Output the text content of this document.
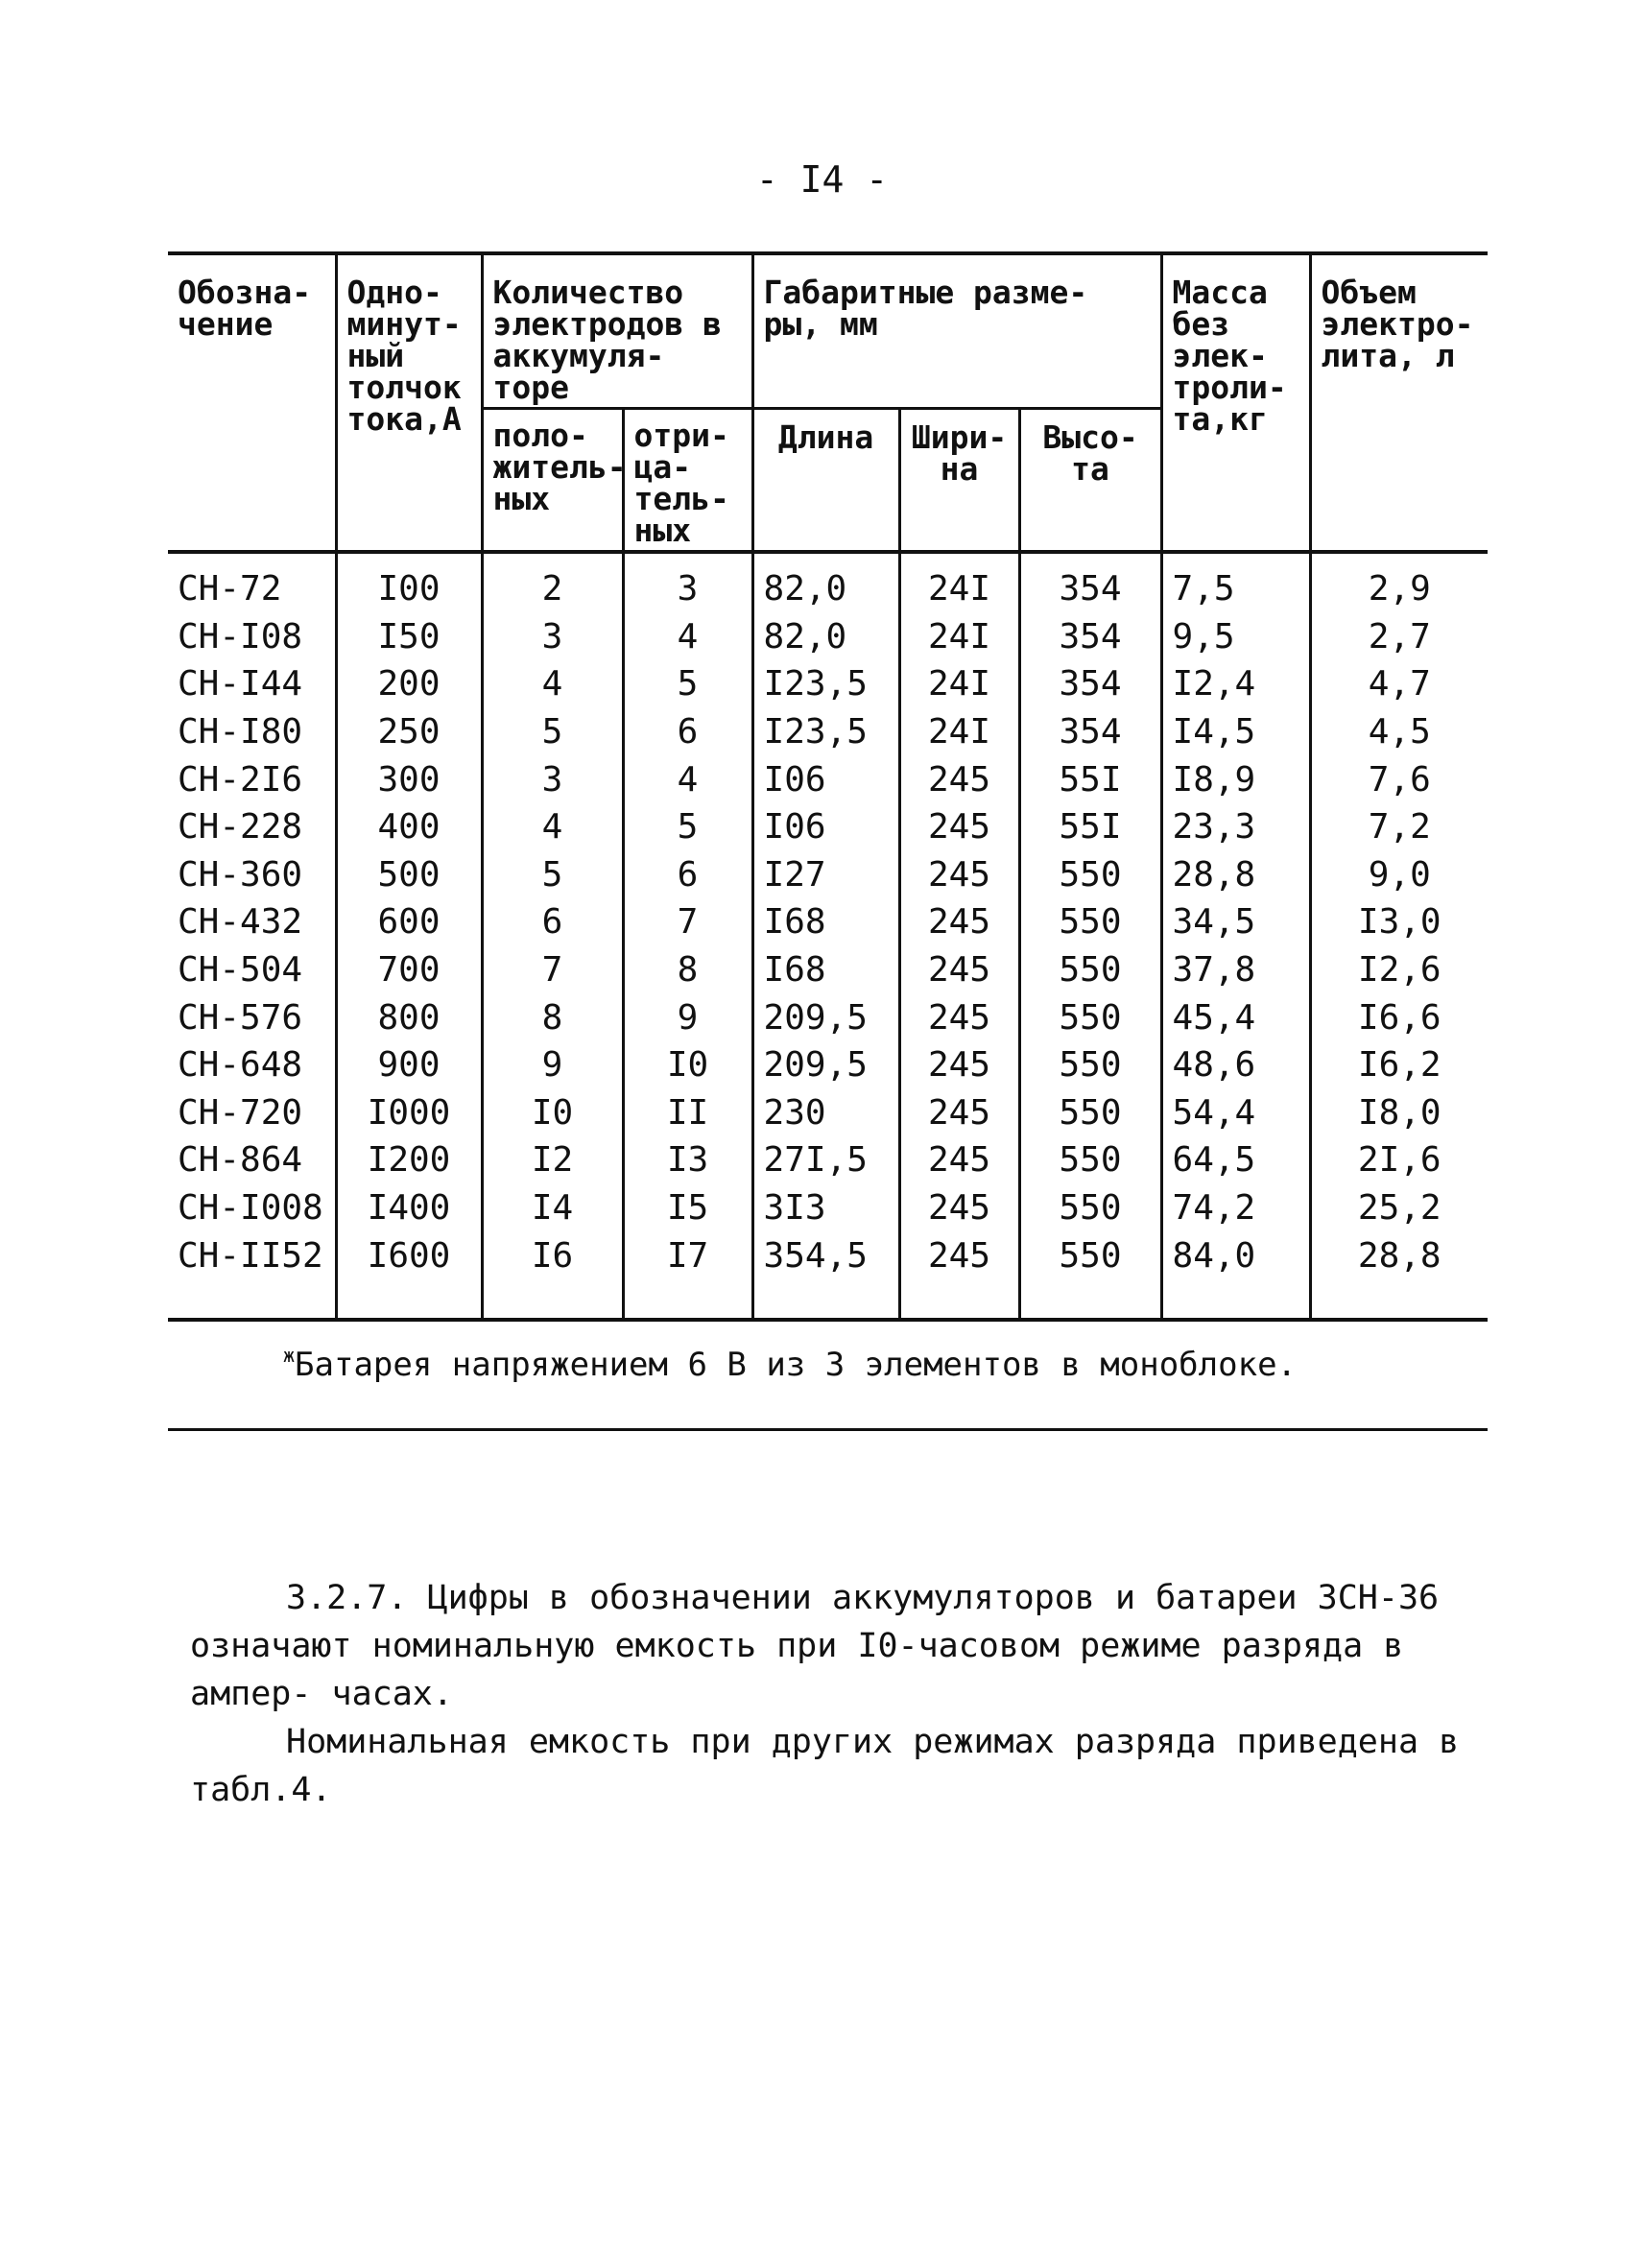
- I4 -
Обозна- чение	Одно- минут- ный толчок тока,А	Количество электродов в аккумуля- торе		Габаритные разме- ры, мм			Масса без элек- троли- та,кг	Объем электро- лита, л
		поло- житель- ных	отри- ца- тель- ных	Длина	Шири- на	Высо- та		

СН-72	I00	2	3	82,0	24I	354	7,5	2,9
СН-I08	I50	3	4	82,0	24I	354	9,5	2,7
СН-I44	200	4	5	I23,5	24I	354	I2,4	4,7
СН-I80	250	5	6	I23,5	24I	354	I4,5	4,5
СН-2I6	300	3	4	I06	245	55I	I8,9	7,6
СН-228	400	4	5	I06	245	55I	23,3	7,2
СН-360	500	5	6	I27	245	550	28,8	9,0
СН-432	600	6	7	I68	245	550	34,5	I3,0
СН-504	700	7	8	I68	245	550	37,8	I2,6
СН-576	800	8	9	209,5	245	550	45,4	I6,6
СН-648	900	9	I0	209,5	245	550	48,6	I6,2
СН-720	I000	I0	II	230	245	550	54,4	I8,0
СН-864	I200	I2	I3	27I,5	245	550	64,5	2I,6
СН-I008	I400	I4	I5	3I3	245	550	74,2	25,2
СН-II52	I600	I6	I7	354,5	245	550	84,0	28,8

$^ж$Батарея напряжением 6 В из 3 элементов в моноблоке.

3.2.7. Цифры в обозначении аккумуляторов и батареи 3СН-36 означают номинальную емкость при I0-часовом режиме разряда в ампер- часах.

Номинальная емкость при других режимах разряда приведена в табл.4.
